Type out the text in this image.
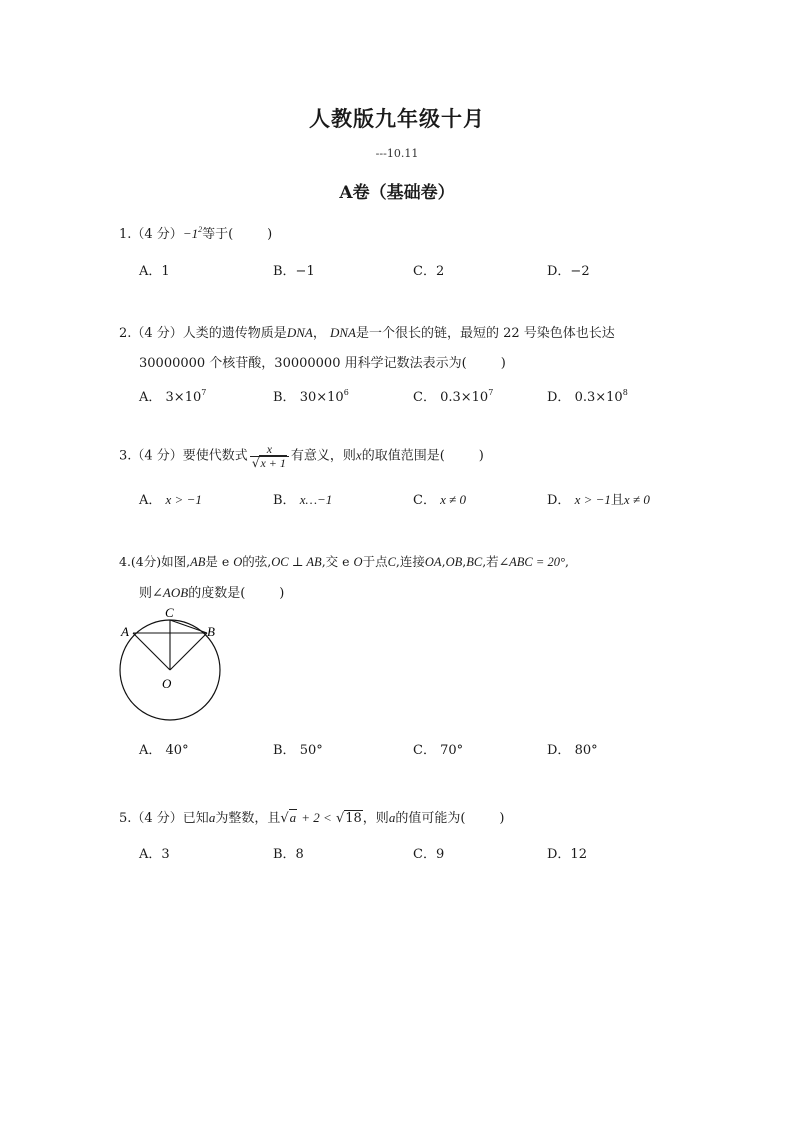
人教版九年级十月
---10.11
A卷（基础卷）
1.（4 分）$-1^2$等于(	)
A．1	B．−1	C．2	D．−2
2.（4 分）人类的遗传物质是DNA， DNA是一个很长的链，最短的 22 号染色体也长达
30000000 个核苷酸，30000000 用科学记数法表示为(	)
A． $3\times 10^7$	B． $30\times 10^6$	C． $0.3\times 10^7$	D． $0.3\times 10^8$
3.（4 分）要使代数式 $\frac{x}{√x + 1}$ 有意义，则x的取值范围是(	)
A． x > −1	B． x…−1	C． x ≠ 0	D． x > −1且x ≠ 0
4.(4分)如图,AB是 e O的弦,OC ⊥ AB,交 e O于点C,连接OA,OB,BC,若∠ABC = 20°,
则∠AOB的度数是(	)
A	B
C
O
A． 40°	B． 50°	C． 70°	D． 80°
5.（4 分）已知a为整数，且√a + 2 < √18，则a的值可能为(	)
A．3	B．8	C．9	D．12
